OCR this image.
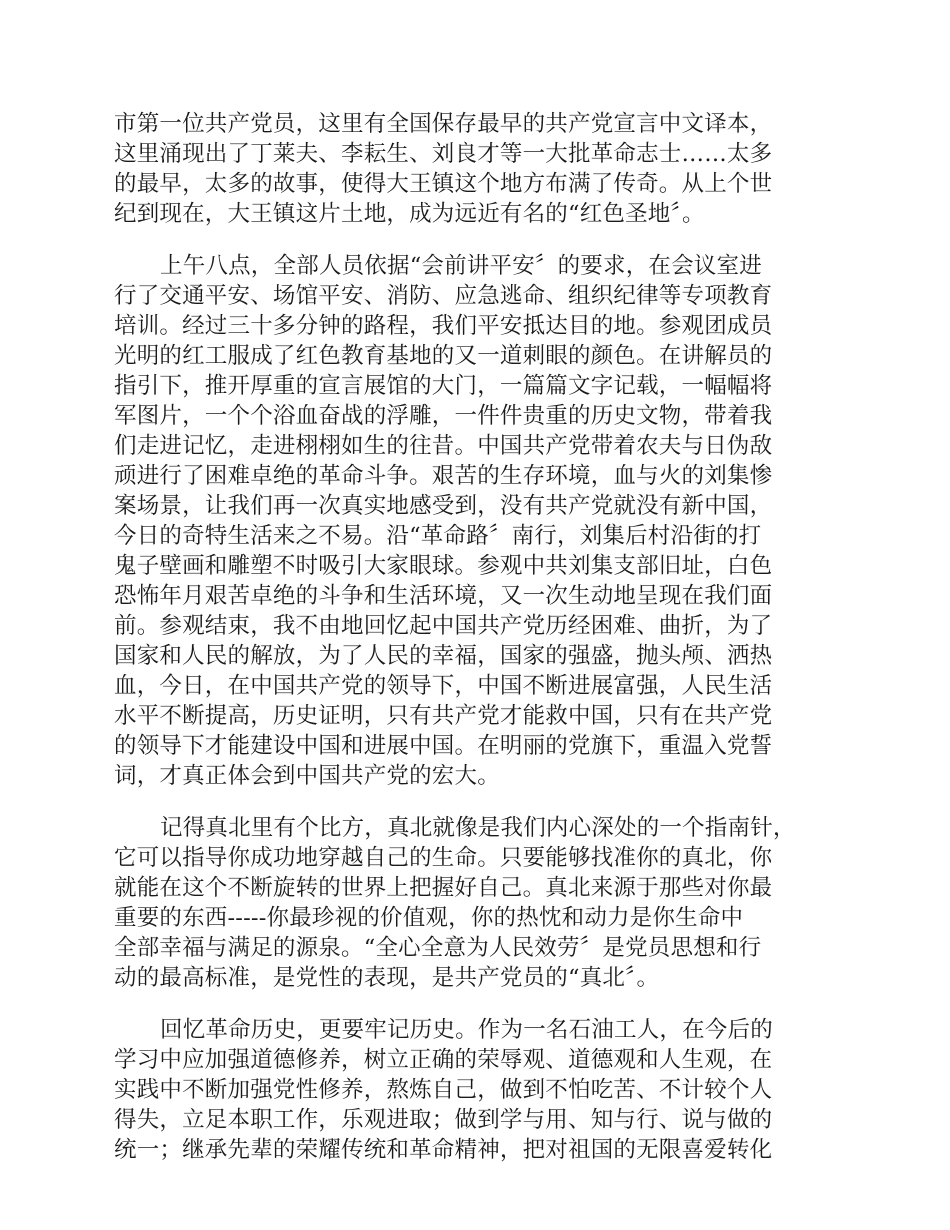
市第一位共产党员，这里有全国保存最早的共产党宣言中文译本，
这里涌现出了丁莱夫、李耘生、刘良才等一大批革命志士……太多
的最早，太多的故事，使得大王镇这个地方布满了传奇。从上个世
纪到现在，大王镇这片土地，成为远近有名的“红色圣地〞。
上午八点，全部人员依据“会前讲平安〞的要求，在会议室进
行了交通平安、场馆平安、消防、应急逃命、组织纪律等专项教育
培训。经过三十多分钟的路程，我们平安抵达目的地。参观团成员
光明的红工服成了红色教育基地的又一道刺眼的颜色。在讲解员的
指引下，推开厚重的宣言展馆的大门，一篇篇文字记载，一幅幅将
军图片，一个个浴血奋战的浮雕，一件件贵重的历史文物，带着我
们走进记忆，走进栩栩如生的往昔。中国共产党带着农夫与日伪敌
顽进行了困难卓绝的革命斗争。艰苦的生存环境，血与火的刘集惨
案场景，让我们再一次真实地感受到，没有共产党就没有新中国，
今日的奇特生活来之不易。沿“革命路〞南行，刘集后村沿街的打
鬼子壁画和雕塑不时吸引大家眼球。参观中共刘集支部旧址，白色
恐怖年月艰苦卓绝的斗争和生活环境，又一次生动地呈现在我们面
前。参观结束，我不由地回忆起中国共产党历经困难、曲折，为了
国家和人民的解放，为了人民的幸福，国家的强盛，抛头颅、洒热
血，今日，在中国共产党的领导下，中国不断进展富强，人民生活
水平不断提高，历史证明，只有共产党才能救中国，只有在共产党
的领导下才能建设中国和进展中国。在明丽的党旗下，重温入党誓
词，才真正体会到中国共产党的宏大。
记得真北里有个比方，真北就像是我们内心深处的一个指南针，
它可以指导你成功地穿越自己的生命。只要能够找准你的真北，你
就能在这个不断旋转的世界上把握好自己。真北来源于那些对你最
重要的东西-----你最珍视的价值观，你的热忱和动力是你生命中
全部幸福与满足的源泉。“全心全意为人民效劳〞是党员思想和行
动的最高标准，是党性的表现，是共产党员的“真北〞。
回忆革命历史，更要牢记历史。作为一名石油工人，在今后的
学习中应加强道德修养，树立正确的荣辱观、道德观和人生观，在
实践中不断加强党性修养，熬炼自己，做到不怕吃苦、不计较个人
得失，立足本职工作，乐观进取；做到学与用、知与行、说与做的
统一；继承先辈的荣耀传统和革命精神，把对祖国的无限喜爱转化
